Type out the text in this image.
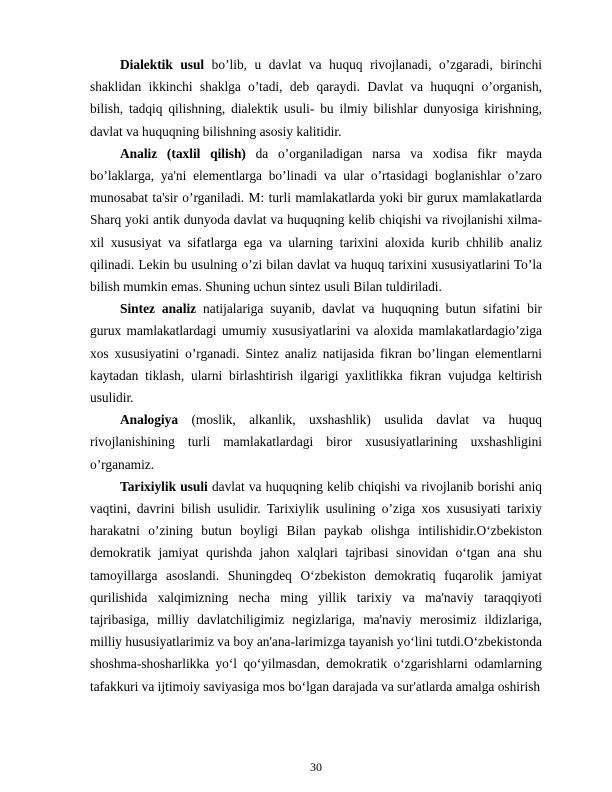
Dialektik usul bo’lib, u davlat va huquq rivojlanadi, o’zgaradi, birinchi shaklidan ikkinchi shaklga o’tadi, deb qaraydi. Davlat va huquqni o’organish, bilish, tadqiq qilishning, dialektik usuli- bu ilmiy bilishlar dunyosiga kirishning, davlat va huquqning bilishning asosiy kalitidir.

Analiz (taxlil qilish) da o’organiladigan narsa va xodisa fikr mayda bo’laklarga, ya'ni elementlarga bo’linadi va ular o’rtasidagi boglanishlar o’zaro munosabat ta'sir o’rganiladi. M: turli mamlakatlarda yoki bir gurux mamlakatlarda Sharq yoki antik dunyoda davlat va huquqning kelib chiqishi va rivojlanishi xilma-xil xususiyat va sifatlarga ega va ularning tarixini aloxida kurib chhilib analiz qilinadi. Lekin bu usulning o’zi bilan davlat va huquq tarixini xususiyatlarini To’la bilish mumkin emas. Shuning uchun sintez usuli Bilan tuldiriladi.

Sintez analiz natijalariga suyanib, davlat va huquqning butun sifatini bir gurux mamlakatlardagi umumiy xususiyatlarini va aloxida mamlakatlardagio’ziga xos xususiyatini o’rganadi. Sintez analiz natijasida fikran bo’lingan elementlarni kaytadan tiklash, ularni birlashtirish ilgarigi yaxlitlikka fikran vujudga keltirish usulidir.

Analogiya (moslik, alkanlik, uxshashlik) usulida davlat va huquq rivojlanishining turli mamlakatlardagi biror xususiyatlarining uxshashligini o’rganamiz.

Tarixiylik usuli davlat va huquqning kelib chiqishi va rivojlanib borishi aniq vaqtini, davrini bilish usulidir. Tarixiylik usulining o’ziga xos xususiyati tarixiy harakatni o’zining butun boyligi Bilan paykab olishga intilishidir.O‘zbekiston demokratik jamiyat qurishda jahon xalqlari tajribasi sinovidan o‘tgan ana shu tamoyillarga asoslandi. Shuningdeq O‘zbekiston demokratiq fuqarolik jamiyat qurilishida xalqimizning necha ming yillik tarixiy va ma'naviy taraqqiyoti tajribasiga, milliy davlatchiligimiz negizlariga, ma'naviy merosimiz ildizlariga, milliy hususiyatlarimiz va boy an'ana-larimizga tayanish yo‘lini tutdi.O‘zbekistonda shoshma-shosharlikka yo‘l qo‘yilmasdan, demokratik o‘zgarishlarni odamlarning tafakkuri va ijtimoiy saviyasiga mos bo‘lgan darajada va sur'atlarda amalga oshirish

30
